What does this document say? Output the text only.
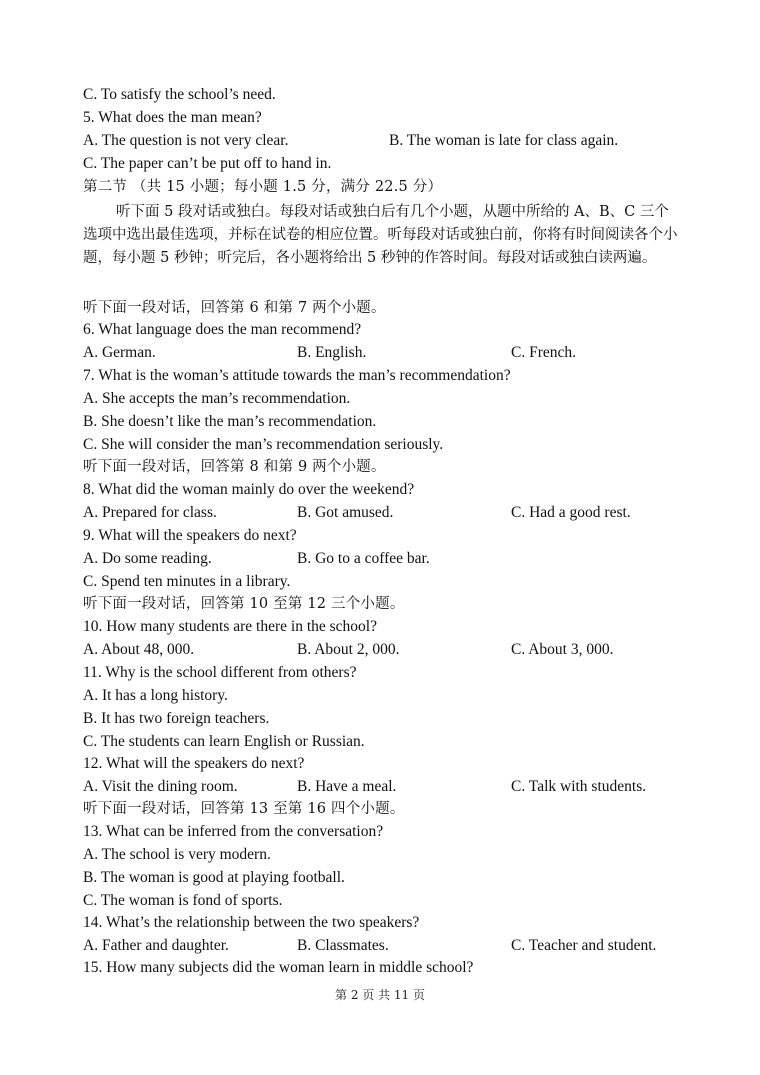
C. To satisfy the school’s need.
5. What does the man mean?
A. The question is not very clear.	B. The woman is late for class again.
C. The paper can’t be put off to hand in.
第二节 （共 15 小题；每小题 1.5 分，满分 22.5 分）
听下面 5 段对话或独白。每段对话或独白后有几个小题，从题中所给的 A、B、C 三个选项中选出最佳选项，并标在试卷的相应位置。听每段对话或独白前，你将有时间阅读各个小题，每小题 5 秒钟；听完后，各小题将给出 5 秒钟的作答时间。每段对话或独白读两遍。
听下面一段对话，回答第 6 和第 7 两个小题。
6. What language does the man recommend?
A. German.	B. English.	C. French.
7. What is the woman’s attitude towards the man’s recommendation?
A. She accepts the man’s recommendation.
B. She doesn’t like the man’s recommendation.
C. She will consider the man’s recommendation seriously.
听下面一段对话，回答第 8 和第 9 两个小题。
8. What did the woman mainly do over the weekend?
A. Prepared for class.	B. Got amused.	C. Had a good rest.
9. What will the speakers do next?
A. Do some reading.	B. Go to a coffee bar.
C. Spend ten minutes in a library.
听下面一段对话，回答第 10 至第 12 三个小题。
10. How many students are there in the school?
A. About 48, 000.	B. About 2, 000.	C. About 3, 000.
11. Why is the school different from others?
A. It has a long history.
B. It has two foreign teachers.
C. The students can learn English or Russian.
12. What will the speakers do next?
A. Visit the dining room.	B. Have a meal.	C. Talk with students.
听下面一段对话，回答第 13 至第 16 四个小题。
13. What can be inferred from the conversation?
A. The school is very modern.
B. The woman is good at playing football.
C. The woman is fond of sports.
14. What’s the relationship between the two speakers?
A. Father and daughter.	B. Classmates.	C. Teacher and student.
15. How many subjects did the woman learn in middle school?
第 2 页 共 11 页
